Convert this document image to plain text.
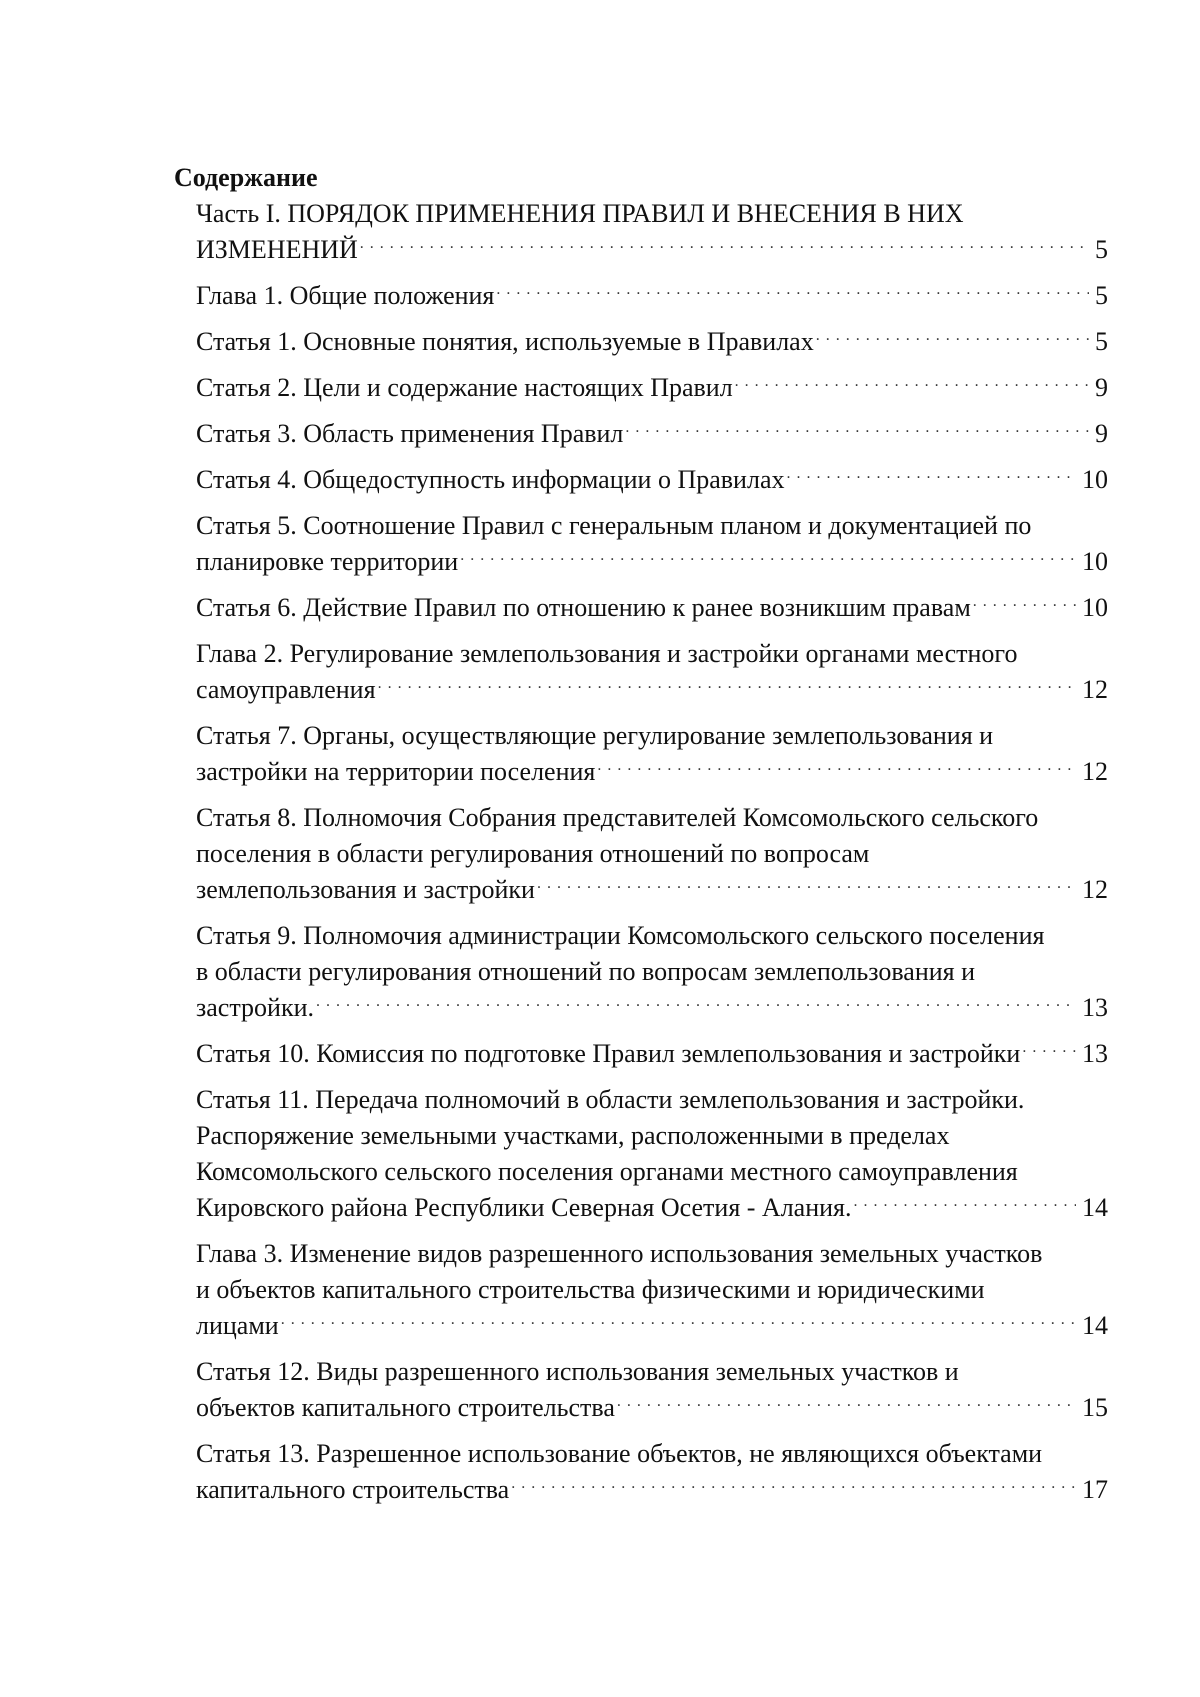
Содержание
Часть I. ПОРЯДОК ПРИМЕНЕНИЯ ПРАВИЛ И ВНЕСЕНИЯ В НИХ ИЗМЕНЕНИЙ . . .	5
Глава 1. Общие положения . . .	5
Статья 1. Основные понятия, используемые в Правилах . . .	5
Статья 2. Цели и содержание настоящих Правил . . .	9
Статья 3. Область применения Правил . . .	9
Статья 4. Общедоступность информации о Правилах . . .	10
Статья 5. Соотношение Правил с генеральным планом и документацией по планировке территории . . .	10
Статья 6. Действие Правил по отношению к ранее возникшим правам . . .	10
Глава 2. Регулирование землепользования и застройки органами местного самоуправления . . .	12
Статья 7. Органы, осуществляющие регулирование землепользования и застройки на территории поселения . . .	12
Статья 8. Полномочия Собрания представителей Комсомольского сельского поселения в области регулирования отношений по вопросам землепользования и застройки . . .	12
Статья 9. Полномочия администрации Комсомольского сельского поселения в области регулирования отношений по вопросам землепользования и застройки. . . .	13
Статья 10. Комиссия по подготовке Правил землепользования и застройки . . . 13
Статья 11. Передача полномочий в области землепользования и застройки. Распоряжение земельными участками, расположенными в пределах Комсомольского сельского поселения органами местного самоуправления Кировского района Республики Северная Осетия - Алания. . . .	14
Глава 3. Изменение видов разрешенного использования земельных участков и объектов капитального строительства физическими и юридическими лицами . . .	14
Статья 12. Виды разрешенного использования земельных участков и объектов капитального строительства . . .	15
Статья 13. Разрешенное использование объектов, не являющихся объектами капитального строительства . . .	17
